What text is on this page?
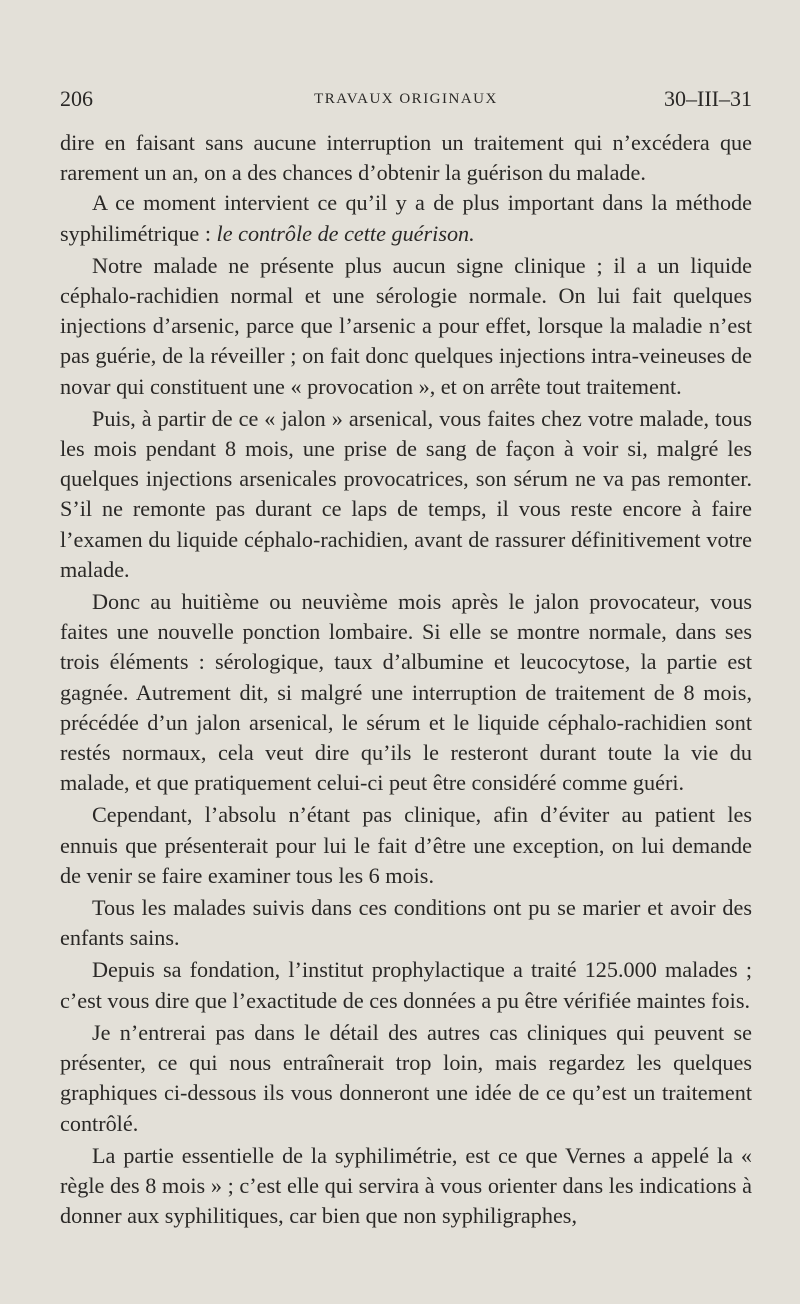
206	TRAVAUX ORIGINAUX	30–III–31

dire en faisant sans aucune interruption un traitement qui n’excédera que rarement un an, on a des chances d’obtenir la guérison du malade.

A ce moment intervient ce qu’il y a de plus important dans la méthode syphilimétrique : le contrôle de cette guérison.

Notre malade ne présente plus aucun signe clinique ; il a un liquide céphalo-rachidien normal et une sérologie normale. On lui fait quelques injections d’arsenic, parce que l’arsenic a pour effet, lorsque la maladie n’est pas guérie, de la réveiller ; on fait donc quelques injections intra-veineuses de novar qui constituent une « provocation », et on arrête tout traitement.

Puis, à partir de ce « jalon » arsenical, vous faites chez votre malade, tous les mois pendant 8 mois, une prise de sang de façon à voir si, malgré les quelques injections arsenicales provocatrices, son sérum ne va pas remonter. S’il ne remonte pas durant ce laps de temps, il vous reste encore à faire l’examen du liquide céphalo-rachidien, avant de rassurer définitivement votre malade.

Donc au huitième ou neuvième mois après le jalon provocateur, vous faites une nouvelle ponction lombaire. Si elle se montre normale, dans ses trois éléments : sérologique, taux d’albumine et leucocytose, la partie est gagnée. Autrement dit, si malgré une interruption de traitement de 8 mois, précédée d’un jalon arsenical, le sérum et le liquide céphalo-rachidien sont restés normaux, cela veut dire qu’ils le resteront durant toute la vie du malade, et que pratiquement celui-ci peut être considéré comme guéri.

Cependant, l’absolu n’étant pas clinique, afin d’éviter au patient les ennuis que présenterait pour lui le fait d’être une exception, on lui demande de venir se faire examiner tous les 6 mois.

Tous les malades suivis dans ces conditions ont pu se marier et avoir des enfants sains.

Depuis sa fondation, l’institut prophylactique a traité 125.000 malades ; c’est vous dire que l’exactitude de ces données a pu être vérifiée maintes fois.

Je n’entrerai pas dans le détail des autres cas cliniques qui peuvent se présenter, ce qui nous entraînerait trop loin, mais regardez les quelques graphiques ci-dessous ils vous donneront une idée de ce qu’est un traitement contrôlé.

La partie essentielle de la syphilimétrie, est ce que Vernes a appelé la « règle des 8 mois » ; c’est elle qui servira à vous orienter dans les indications à donner aux syphilitiques, car bien que non syphiligraphes,
